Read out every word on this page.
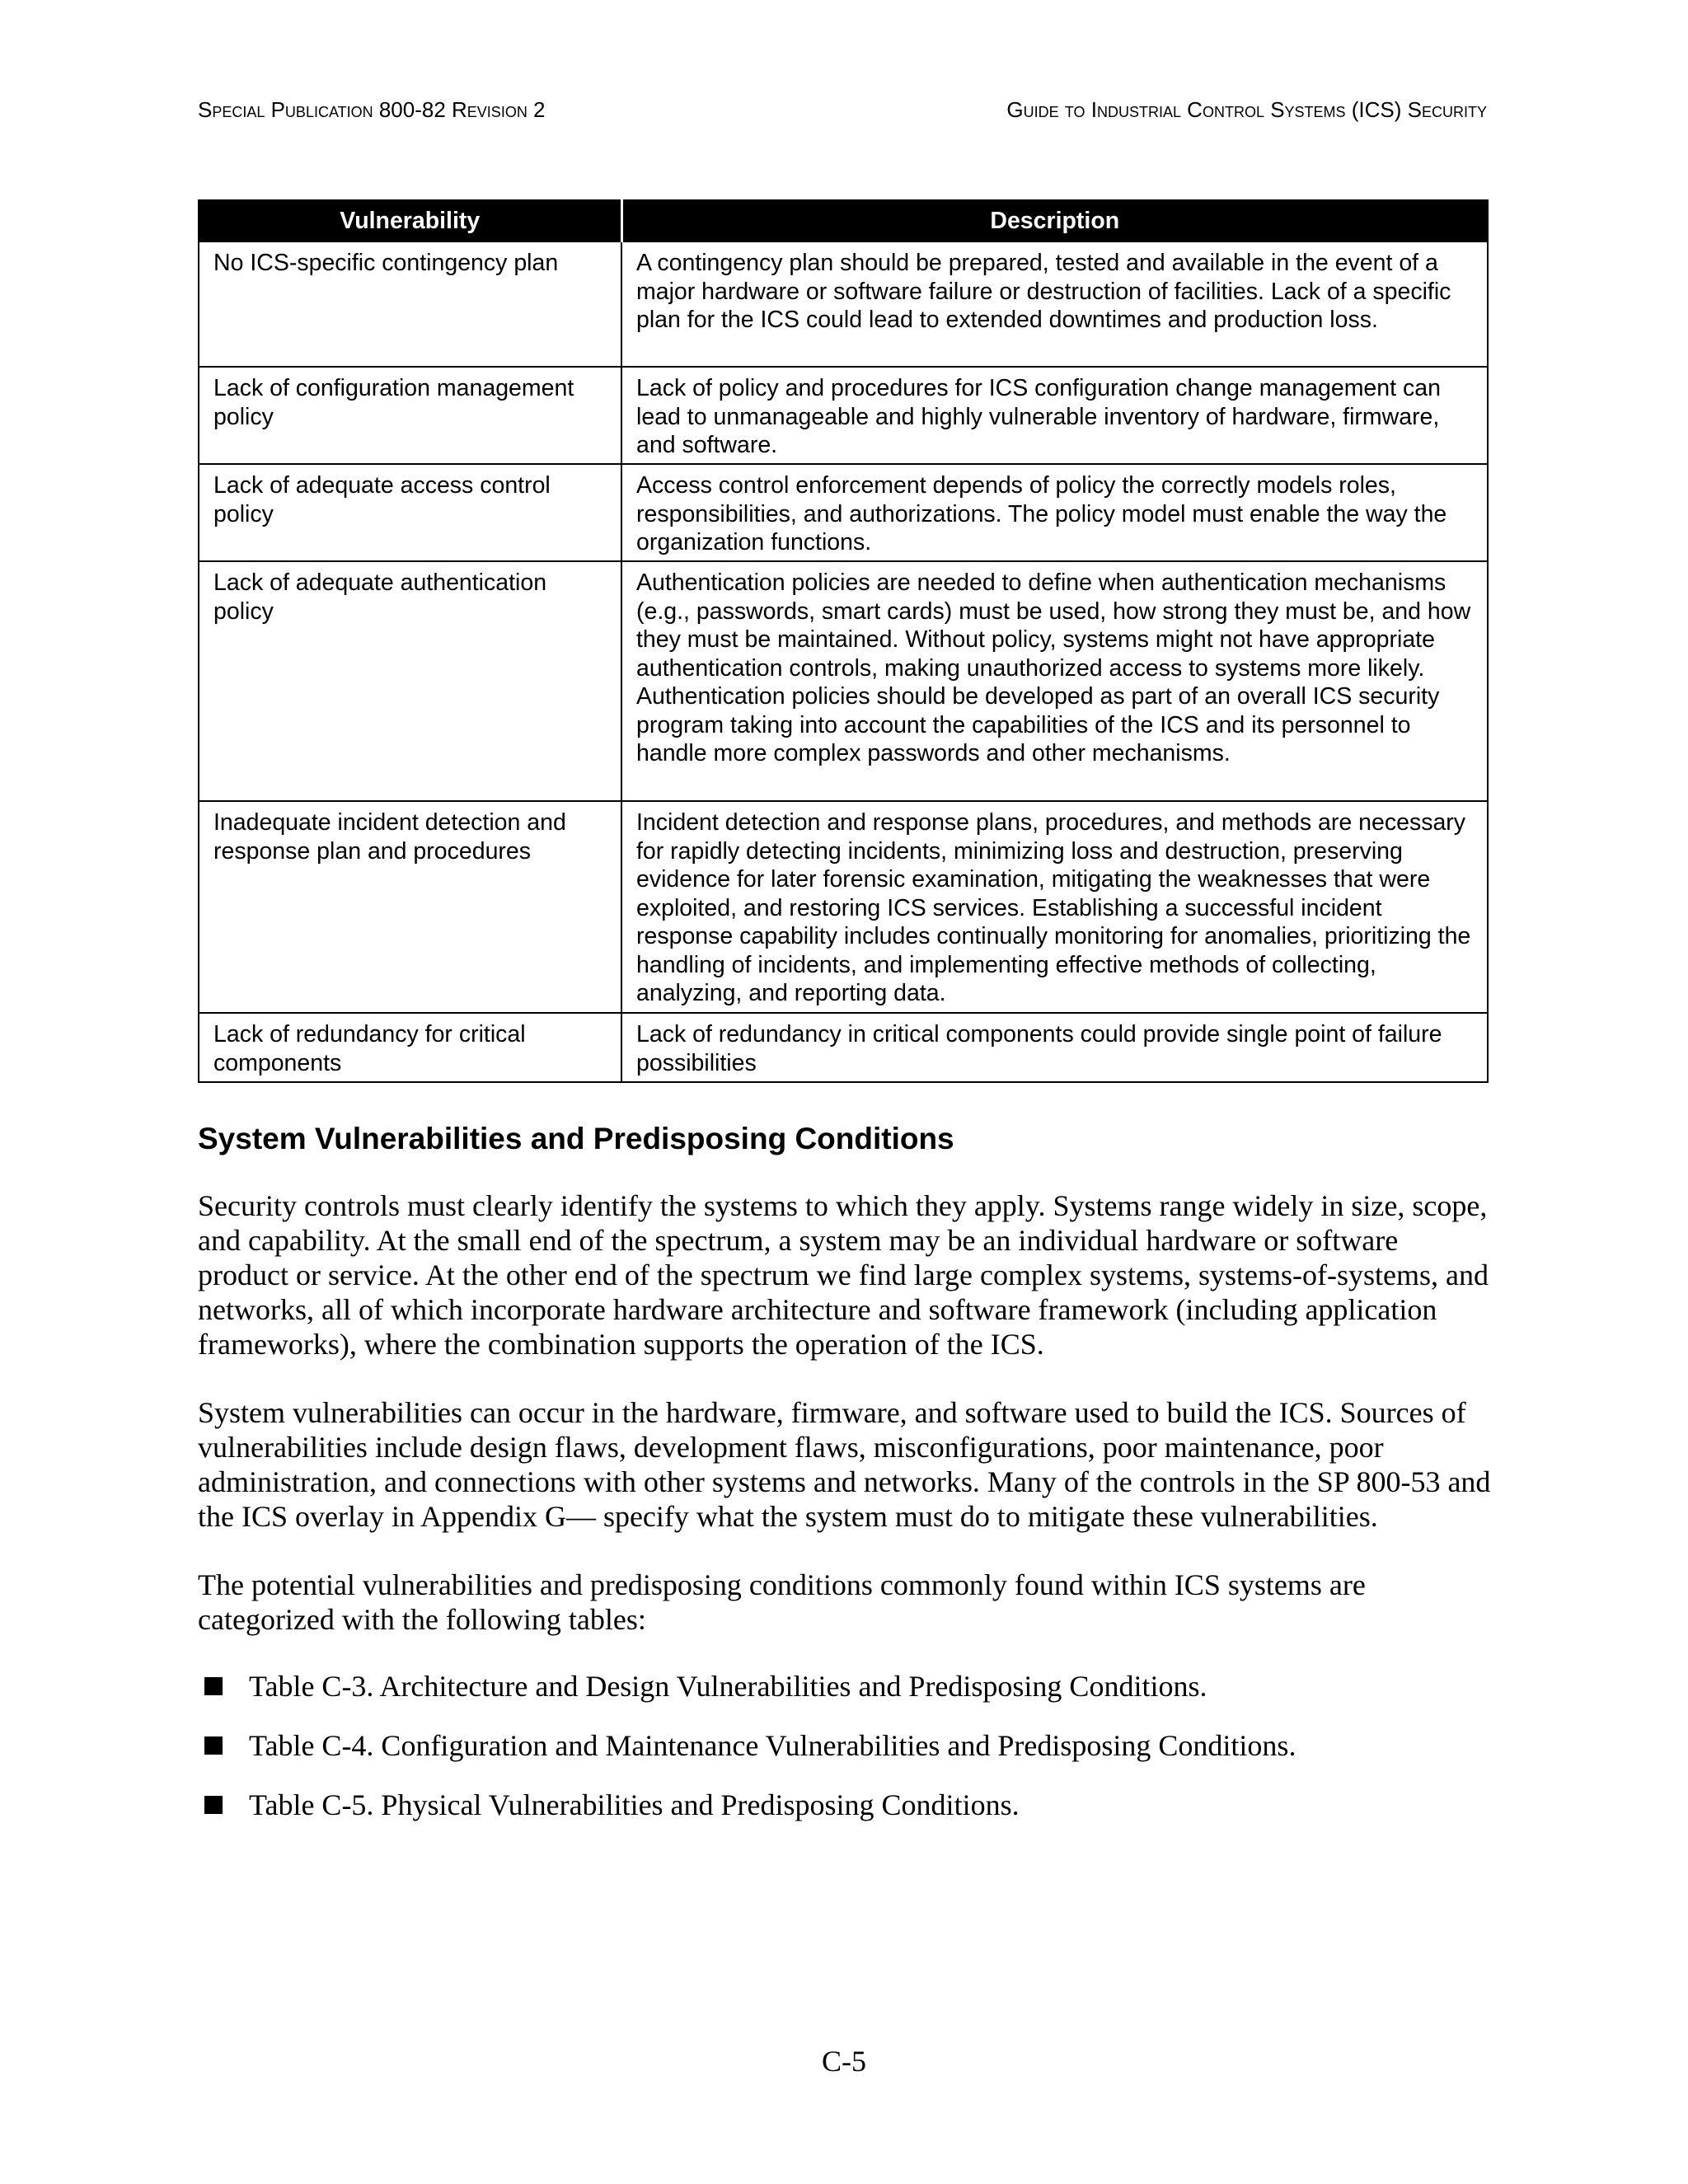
Special Publication 800-82 Revision 2	Guide to Industrial Control Systems (ICS) Security
Vulnerability	Description
No ICS-specific contingency plan	A contingency plan should be prepared, tested and available in the event of a major hardware or software failure or destruction of facilities. Lack of a specific plan for the ICS could lead to extended downtimes and production loss.
Lack of configuration management policy	Lack of policy and procedures for ICS configuration change management can lead to unmanageable and highly vulnerable inventory of hardware, firmware, and software.
Lack of adequate access control policy	Access control enforcement depends of policy the correctly models roles, responsibilities, and authorizations. The policy model must enable the way the organization functions.
Lack of adequate authentication policy	Authentication policies are needed to define when authentication mechanisms (e.g., passwords, smart cards) must be used, how strong they must be, and how they must be maintained. Without policy, systems might not have appropriate authentication controls, making unauthorized access to systems more likely. Authentication policies should be developed as part of an overall ICS security program taking into account the capabilities of the ICS and its personnel to handle more complex passwords and other mechanisms.
Inadequate incident detection and response plan and procedures	Incident detection and response plans, procedures, and methods are necessary for rapidly detecting incidents, minimizing loss and destruction, preserving evidence for later forensic examination, mitigating the weaknesses that were exploited, and restoring ICS services. Establishing a successful incident response capability includes continually monitoring for anomalies, prioritizing the handling of incidents, and implementing effective methods of collecting, analyzing, and reporting data.
Lack of redundancy for critical components	Lack of redundancy in critical components could provide single point of failure possibilities
System Vulnerabilities and Predisposing Conditions

Security controls must clearly identify the systems to which they apply. Systems range widely in size, scope, and capability. At the small end of the spectrum, a system may be an individual hardware or software product or service. At the other end of the spectrum we find large complex systems, systems-of-systems, and networks, all of which incorporate hardware architecture and software framework (including application frameworks), where the combination supports the operation of the ICS.

System vulnerabilities can occur in the hardware, firmware, and software used to build the ICS. Sources of vulnerabilities include design flaws, development flaws, misconfigurations, poor maintenance, poor administration, and connections with other systems and networks. Many of the controls in the SP 800-53 and the ICS overlay in Appendix G— specify what the system must do to mitigate these vulnerabilities.

The potential vulnerabilities and predisposing conditions commonly found within ICS systems are categorized with the following tables:

Table C-3. Architecture and Design Vulnerabilities and Predisposing Conditions.
Table C-4. Configuration and Maintenance Vulnerabilities and Predisposing Conditions.
Table C-5. Physical Vulnerabilities and Predisposing Conditions.
C-5
